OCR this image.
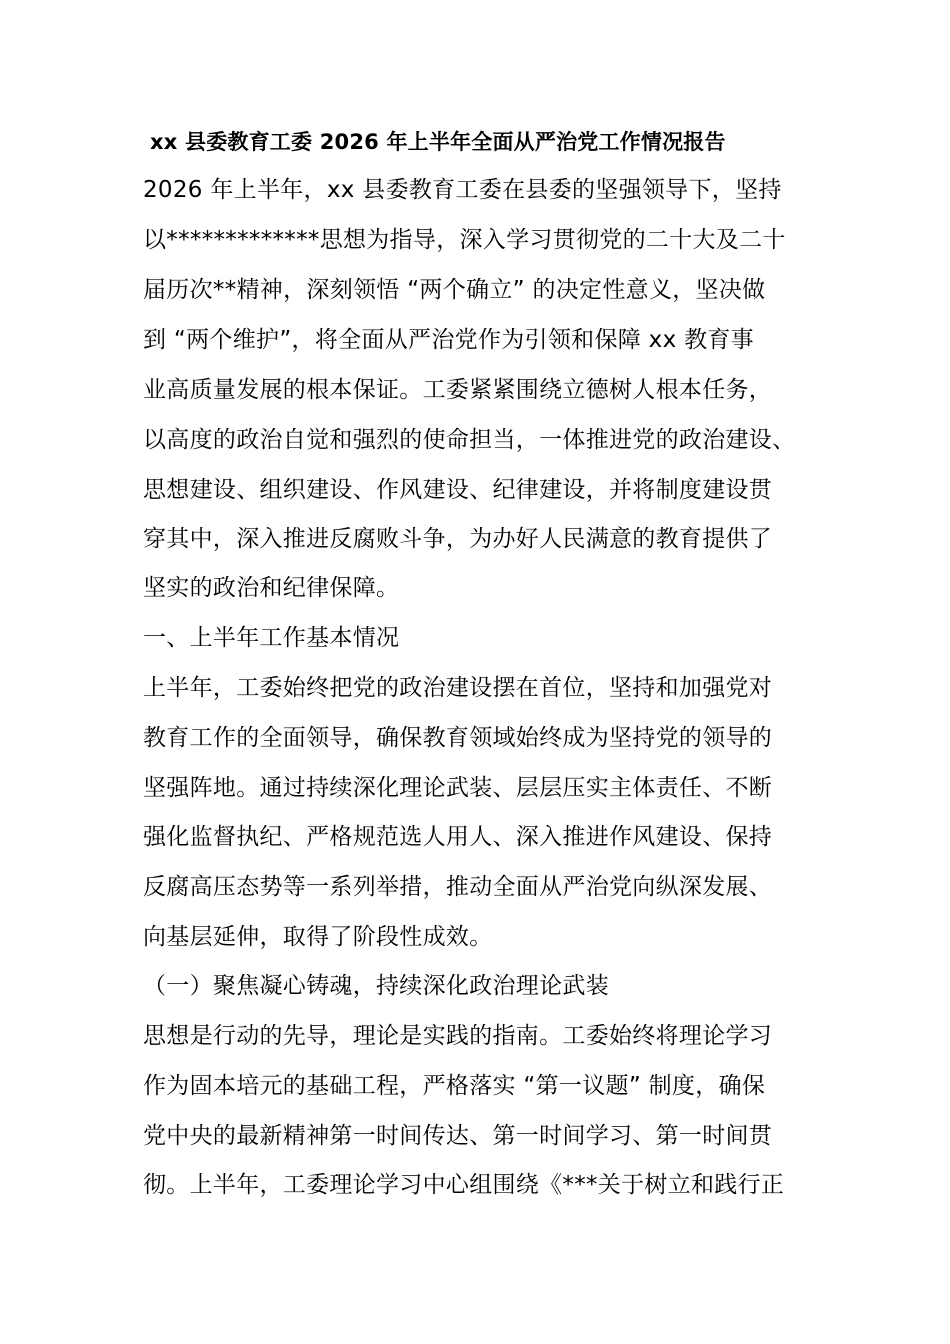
xx 县委教育工委 2026 年上半年全面从严治党工作情况报告
2026 年上半年，xx 县委教育工委在县委的坚强领导下，坚持
以*************思想为指导，深入学习贯彻党的二十大及二十
届历次**精神，深刻领悟 “两个确立” 的决定性意义，坚决做
到 “两个维护”，将全面从严治党作为引领和保障 xx 教育事
业高质量发展的根本保证。工委紧紧围绕立德树人根本任务，
以高度的政治自觉和强烈的使命担当，一体推进党的政治建设、
思想建设、组织建设、作风建设、纪律建设，并将制度建设贯
穿其中，深入推进反腐败斗争，为办好人民满意的教育提供了
坚实的政治和纪律保障。
一、上半年工作基本情况
上半年，工委始终把党的政治建设摆在首位，坚持和加强党对
教育工作的全面领导，确保教育领域始终成为坚持党的领导的
坚强阵地。通过持续深化理论武装、层层压实主体责任、不断
强化监督执纪、严格规范选人用人、深入推进作风建设、保持
反腐高压态势等一系列举措，推动全面从严治党向纵深发展、
向基层延伸，取得了阶段性成效。
（一）聚焦凝心铸魂，持续深化政治理论武装
思想是行动的先导，理论是实践的指南。工委始终将理论学习
作为固本培元的基础工程，严格落实 “第一议题” 制度，确保
党中央的最新精神第一时间传达、第一时间学习、第一时间贯
彻。上半年，工委理论学习中心组围绕《***关于树立和践行正
